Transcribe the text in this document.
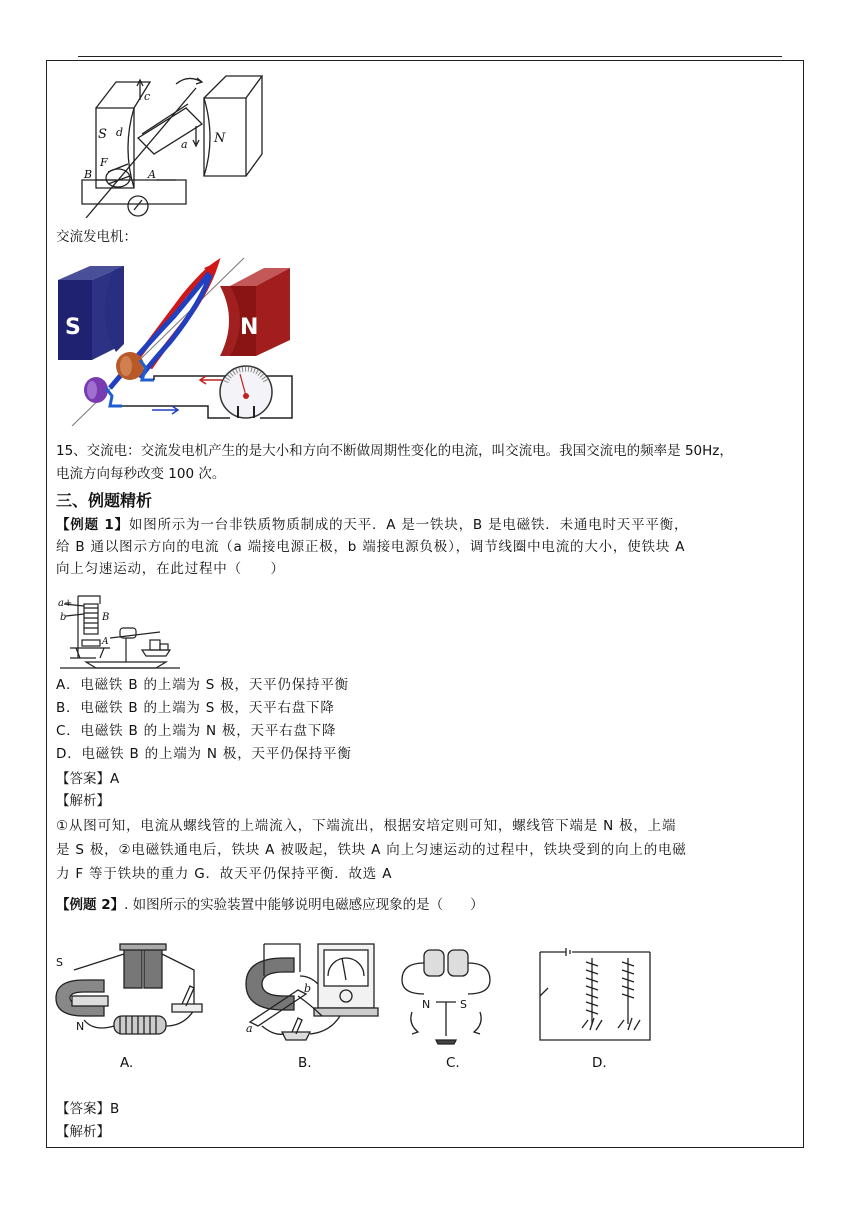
S	N
c
d
a
F
B	A
交流发电机：
S	N
15、交流电：交流发电机产生的是大小和方向不断做周期性变化的电流，叫交流电。我国交流电的频率是 50Hz，
电流方向每秒改变 100 次。
三、例题精析
【例题 1】如图所示为一台非铁质物质制成的天平．A 是一铁块，B 是电磁铁．未通电时天平平衡，
给 B 通以图示方向的电流（a 端接电源正极，b 端接电源负极），调节线圈中电流的大小，使铁块 A
向上匀速运动，在此过程中（　　）
a+
b	B
A
A．电磁铁 B 的上端为 S 极，天平仍保持平衡
B．电磁铁 B 的上端为 S 极，天平右盘下降
C．电磁铁 B 的上端为 N 极，天平右盘下降
D．电磁铁 B 的上端为 N 极，天平仍保持平衡
【答案】A
【解析】
①从图可知，电流从螺线管的上端流入，下端流出，根据安培定则可知，螺线管下端是 N 极，上端
是 S 极，②电磁铁通电后，铁块 A 被吸起，铁块 A 向上匀速运动的过程中，铁块受到的向上的电磁
力 F 等于铁块的重力 G．故天平仍保持平衡．故选 A
【例题 2】. 如图所示的实验装置中能够说明电磁感应现象的是（　　）
S
N	a
b
N	S
A.	B.	C.	D.
【答案】B
【解析】
